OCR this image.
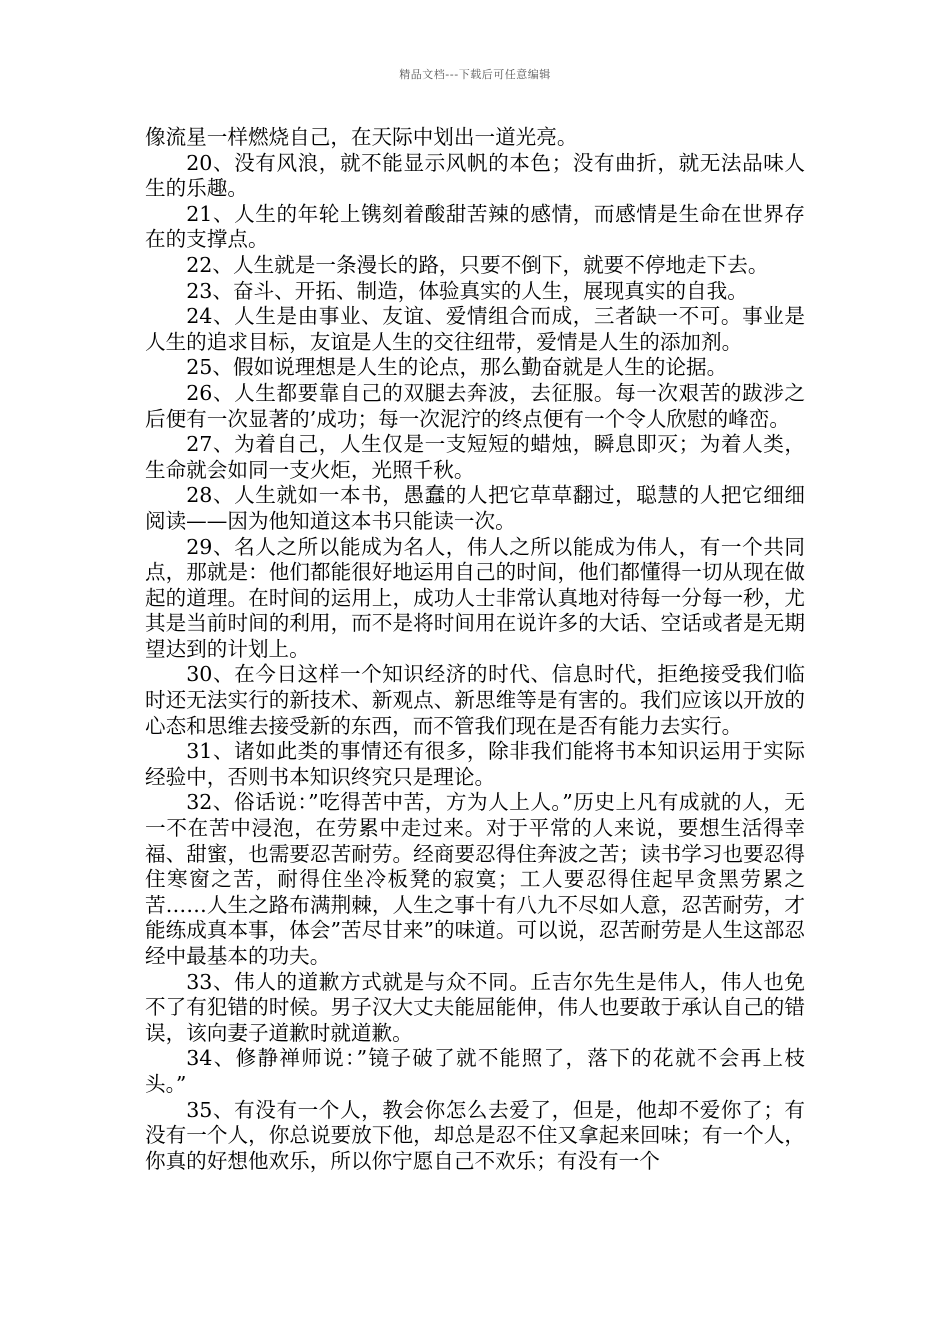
精品文档---下载后可任意编辑

像流星一样燃烧自己，在天际中划出一道光亮。

20、没有风浪，就不能显示风帆的本色；没有曲折，就无法品味人生的乐趣。

21、人生的年轮上镌刻着酸甜苦辣的感情，而感情是生命在世界存在的支撑点。

22、人生就是一条漫长的路，只要不倒下，就要不停地走下去。

23、奋斗、开拓、制造，体验真实的人生，展现真实的自我。

24、人生是由事业、友谊、爱情组合而成，三者缺一不可。事业是人生的追求目标，友谊是人生的交往纽带，爱情是人生的添加剂。

25、假如说理想是人生的论点，那么勤奋就是人生的论据。

26、人生都要靠自己的双腿去奔波，去征服。每一次艰苦的跋涉之后便有一次显著的’成功；每一次泥泞的终点便有一个令人欣慰的峰峦。

27、为着自己，人生仅是一支短短的蜡烛，瞬息即灭；为着人类，生命就会如同一支火炬，光照千秋。

28、人生就如一本书，愚蠢的人把它草草翻过，聪慧的人把它细细阅读——因为他知道这本书只能读一次。

29、名人之所以能成为名人，伟人之所以能成为伟人，有一个共同点，那就是：他们都能很好地运用自己的时间，他们都懂得一切从现在做起的道理。在时间的运用上，成功人士非常认真地对待每一分每一秒，尤其是当前时间的利用，而不是将时间用在说许多的大话、空话或者是无期望达到的计划上。

30、在今日这样一个知识经济的时代、信息时代，拒绝接受我们临时还无法实行的新技术、新观点、新思维等是有害的。我们应该以开放的心态和思维去接受新的东西，而不管我们现在是否有能力去实行。

31、诸如此类的事情还有很多，除非我们能将书本知识运用于实际经验中，否则书本知识终究只是理论。

32、俗话说：”吃得苦中苦，方为人上人。”历史上凡有成就的人，无一不在苦中浸泡，在劳累中走过来。对于平常的人来说，要想生活得幸福、甜蜜，也需要忍苦耐劳。经商要忍得住奔波之苦；读书学习也要忍得住寒窗之苦，耐得住坐冷板凳的寂寞；工人要忍得住起早贪黑劳累之苦……人生之路布满荆棘，人生之事十有八九不尽如人意，忍苦耐劳，才能练成真本事，体会”苦尽甘来”的味道。可以说，忍苦耐劳是人生这部忍经中最基本的功夫。

33、伟人的道歉方式就是与众不同。丘吉尔先生是伟人，伟人也免不了有犯错的时候。男子汉大丈夫能屈能伸，伟人也要敢于承认自己的错误，该向妻子道歉时就道歉。

34、修静禅师说：”镜子破了就不能照了，落下的花就不会再上枝头。”

35、有没有一个人，教会你怎么去爱了，但是，他却不爱你了；有没有一个人，你总说要放下他，却总是忍不住又拿起来回味；有一个人，你真的好想他欢乐，所以你宁愿自己不欢乐；有没有一个
